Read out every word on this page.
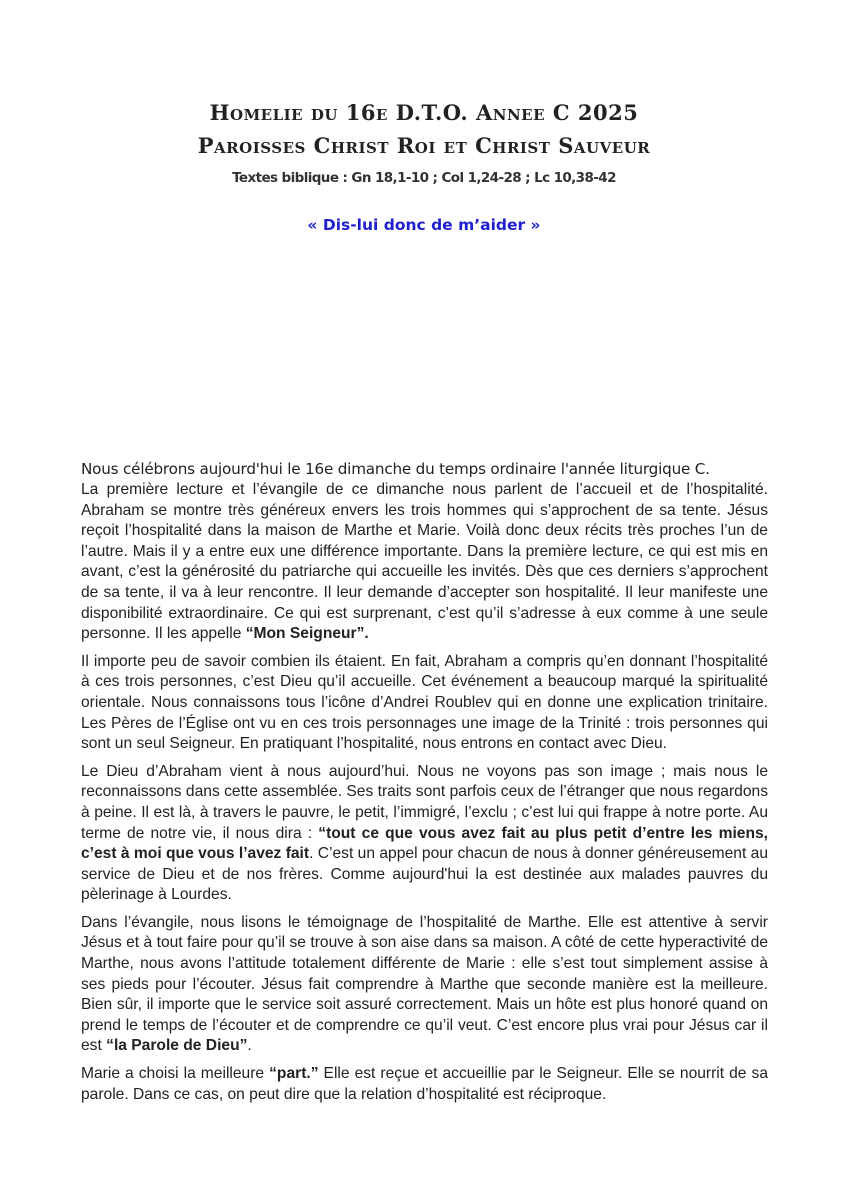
Homelie du 16e D.T.O. Annee C 2025
Paroisses Christ Roi et Christ Sauveur
Textes biblique : Gn 18,1-10 ; Col 1,24-28 ; Lc 10,38-42
« Dis-lui donc de m’aider »

Nous célébrons aujourd'hui le 16e dimanche du temps ordinaire l'année liturgique C.

La première lecture et l’évangile de ce dimanche nous parlent de l’accueil et de l’hospitalité. Abraham se montre très généreux envers les trois hommes qui s’approchent de sa tente. Jésus reçoit l’hospitalité dans la maison de Marthe et Marie. Voilà donc deux récits très proches l’un de l’autre. Mais il y a entre eux une différence importante. Dans la première lecture, ce qui est mis en avant, c’est la générosité du patriarche qui accueille les invités. Dès que ces derniers s’approchent de sa tente, il va à leur rencontre. Il leur demande d’accepter son hospitalité. Il leur manifeste une disponibilité extraordinaire. Ce qui est surprenant, c’est qu’il s’adresse à eux comme à une seule personne. Il les appelle “Mon Seigneur”.

Il importe peu de savoir combien ils étaient. En fait, Abraham a compris qu’en donnant l’hospitalité à ces trois personnes, c’est Dieu qu’il accueille. Cet événement a beaucoup marqué la spiritualité orientale. Nous connaissons tous l’icône d’Andrei Roublev qui en donne une explication trinitaire. Les Pères de l’Église ont vu en ces trois personnages une image de la Trinité : trois personnes qui sont un seul Seigneur. En pratiquant l’hospitalité, nous entrons en contact avec Dieu.

Le Dieu d’Abraham vient à nous aujourd’hui. Nous ne voyons pas son image ; mais nous le reconnaissons dans cette assemblée. Ses traits sont parfois ceux de l’étranger que nous regardons à peine. Il est là, à travers le pauvre, le petit, l’immigré, l’exclu ; c’est lui qui frappe à notre porte. Au terme de notre vie, il nous dira : “tout ce que vous avez fait au plus petit d’entre les miens, c’est à moi que vous l’avez fait. C’est un appel pour chacun de nous à donner généreusement au service de Dieu et de nos frères. Comme aujourd'hui la est destinée aux malades pauvres du pèlerinage à Lourdes.

Dans l’évangile, nous lisons le témoignage de l’hospitalité de Marthe. Elle est attentive à servir Jésus et à tout faire pour qu’il se trouve à son aise dans sa maison. A côté de cette hyperactivité de Marthe, nous avons l’attitude totalement différente de Marie : elle s’est tout simplement assise à ses pieds pour l’écouter. Jésus fait comprendre à Marthe que seconde manière est la meilleure. Bien sûr, il importe que le service soit assuré correctement. Mais un hôte est plus honoré quand on prend le temps de l’écouter et de comprendre ce qu’il veut. C’est encore plus vrai pour Jésus car il est “la Parole de Dieu”.

Marie a choisi la meilleure “part.” Elle est reçue et accueillie par le Seigneur. Elle se nourrit de sa parole. Dans ce cas, on peut dire que la relation d’hospitalité est réciproque.
